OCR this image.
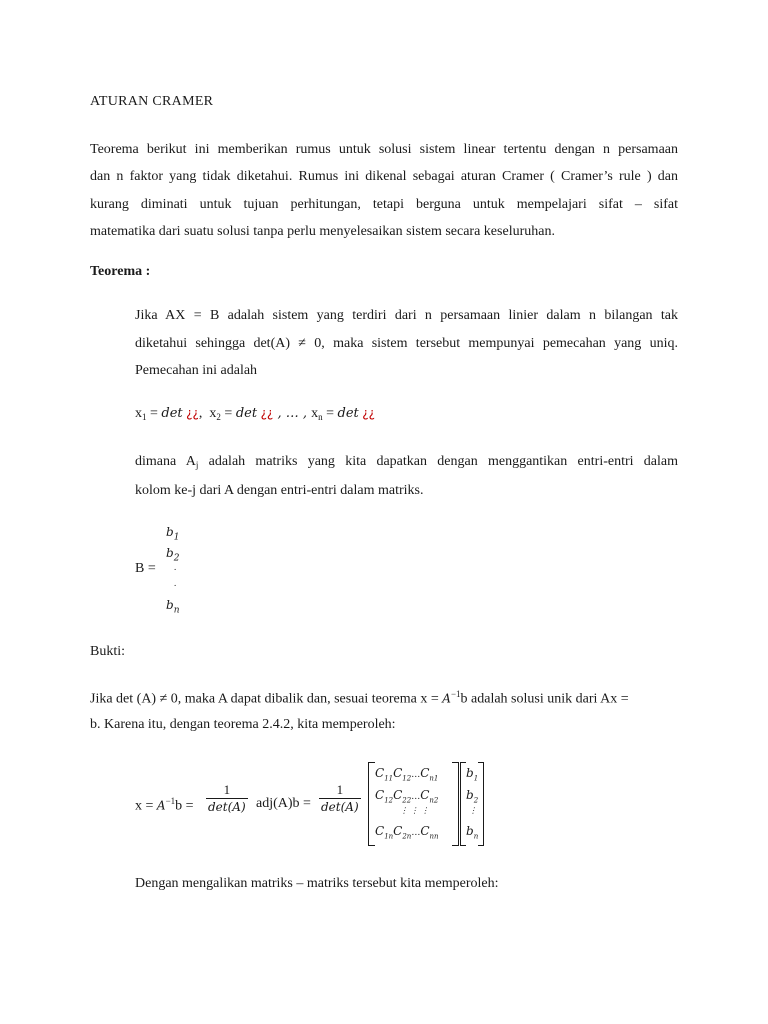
ATURAN CRAMER
Teorema berikut ini memberikan rumus untuk solusi sistem linear tertentu dengan n persamaan
dan n faktor yang tidak diketahui. Rumus ini dikenal sebagai aturan Cramer ( Cramer’s rule ) dan
kurang diminati untuk tujuan perhitungan, tetapi berguna untuk mempelajari sifat – sifat
matematika dari suatu solusi tanpa perlu menyelesaikan sistem secara keseluruhan.
Teorema :
Jika AX = B adalah sistem yang terdiri dari n persamaan linier dalam n bilangan tak
diketahui sehingga det(A) ≠ 0, maka sistem tersebut mempunyai pemecahan yang uniq.
Pemecahan ini adalah
$x_1 = \det$ ¿¿,  $x_2 = \det$ ¿¿ , … , $x_n = \det$ ¿¿
dimana $A_j$ adalah matriks yang kita dapatkan dengan menggantikan entri-entri dalam
kolom ke-j dari A dengan entri-entri dalam matriks.
B =
$b_1$
$b_2$
.
.
$b_n$
Bukti:
Jika det (A) ≠ 0, maka A dapat dibalik dan, sesuai teorema $x = A^{-1}b$ adalah solusi unik dari Ax =
b. Karena itu, dengan teorema 2.4.2, kita memperoleh:
$x = A^{-1}b = \frac{1}{\det(A)} adj(A)b = \frac{1}{\det(A)}$
$C_{11}C_{12}\dots C_{n1}$
$C_{12}C_{22}\dots C_{n2}$
⋮ ⋮ ⋮
$C_{1n}C_{2n}\dots C_{nn}$
$b_1$
$b_2$
⋮
$b_n$
Dengan mengalikan matriks – matriks tersebut kita memperoleh:
